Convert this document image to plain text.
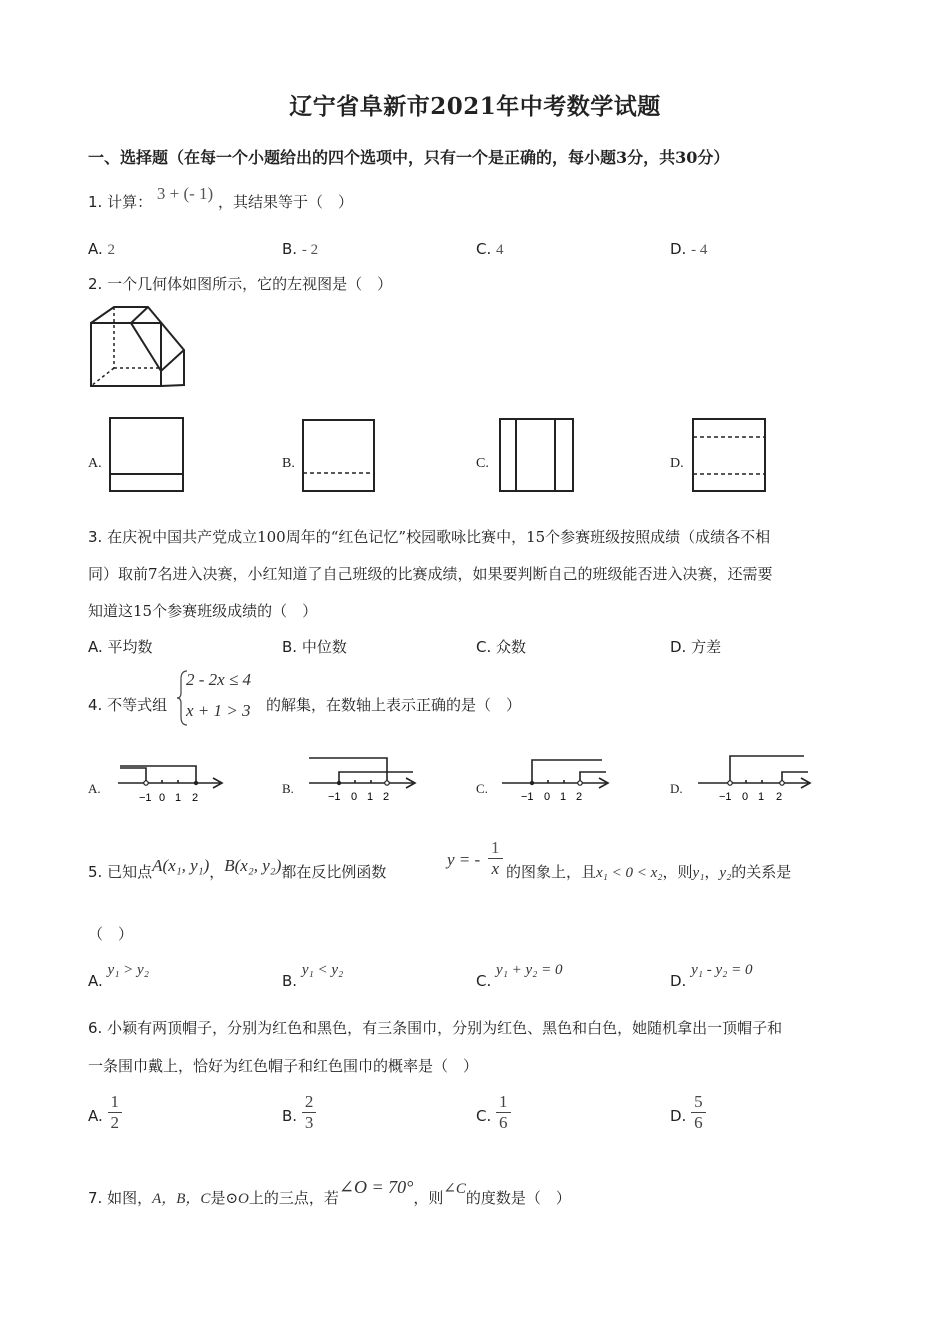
辽宁省阜新市2021年中考数学试题
一、选择题（在每一个小题给出的四个选项中，只有一个是正确的，每小题3分，共30分）
1. 计算： 3 + (- 1) ，其结果等于（　）
A. 2	B. - 2	C. 4	D. - 4
2. 一个几何体如图所示，它的左视图是（　）
A.	B.	C.	D.
3. 在庆祝中国共产党成立100周年的“红色记忆”校园歌咏比赛中，15个参赛班级按照成绩（成绩各不相
同）取前7名进入决赛，小红知道了自己班级的比赛成绩，如果要判断自己的班级能否进入决赛，还需要
知道这15个参赛班级成绩的（　）
A. 平均数	B. 中位数	C. 众数	D. 方差
4. 不等式组
2 - 2x ≤ 4
x + 1 > 3 的解集，在数轴上表示正确的是（　）
A.
−1 0 1 2
B.
−1 0 1 2
C.
−1 0 1 2
D.
−1 0 1 2
5. 已知点A(x₁, y₁)，B(x₂, y₂)都在反比例函数
y = - $\frac{1}{x}$ 的图象上，且x₁ < 0 < x₂，则y₁，y₂的关系是
（　）
A. y₁ > y₂
B. y₁ < y₂
C. y₁ + y₂ = 0
D. y₁ - y₂ = 0
6. 小颖有两顶帽子，分别为红色和黑色，有三条围巾，分别为红色、黑色和白色，她随机拿出一顶帽子和
一条围巾戴上，恰好为红色帽子和红色围巾的概率是（　）
A. $\frac{1}{2}$	B. $\frac{2}{3}$	C. $\frac{1}{6}$	D. $\frac{5}{6}$
7. 如图，A，B，C是⊙O上的三点，若∠O = 70°，则∠C的度数是（　）
